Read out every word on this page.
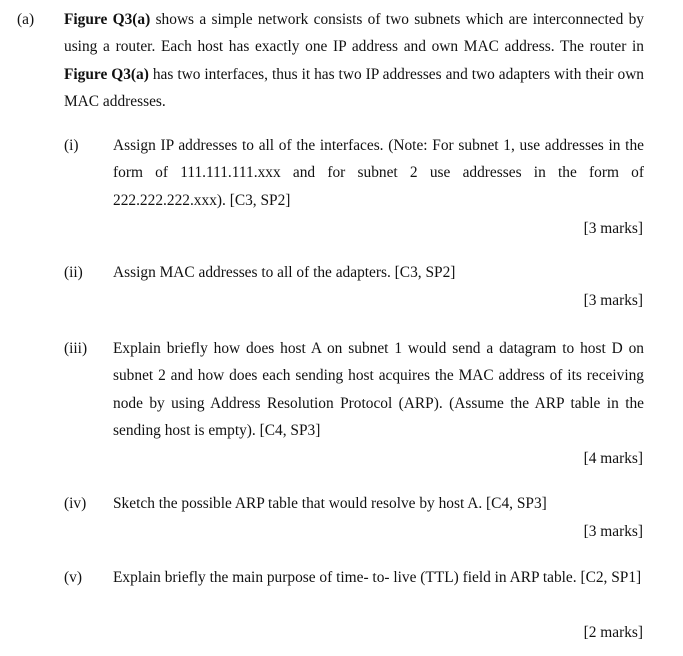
(a) Figure Q3(a) shows a simple network consists of two subnets which are interconnected by using a router. Each host has exactly one IP address and own MAC address. The router in Figure Q3(a) has two interfaces, thus it has two IP addresses and two adapters with their own MAC addresses.
(i) Assign IP addresses to all of the interfaces. (Note: For subnet 1, use addresses in the form of 111.111.111.xxx and for subnet 2 use addresses in the form of 222.222.222.xxx). [C3, SP2]
[3 marks]
(ii) Assign MAC addresses to all of the adapters. [C3, SP2]
[3 marks]
(iii) Explain briefly how does host A on subnet 1 would send a datagram to host D on subnet 2 and how does each sending host acquires the MAC address of its receiving node by using Address Resolution Protocol (ARP). (Assume the ARP table in the sending host is empty). [C4, SP3]
[4 marks]
(iv) Sketch the possible ARP table that would resolve by host A. [C4, SP3]
[3 marks]
(v) Explain briefly the main purpose of time- to- live (TTL) field in ARP table. [C2, SP1]
[2 marks]
